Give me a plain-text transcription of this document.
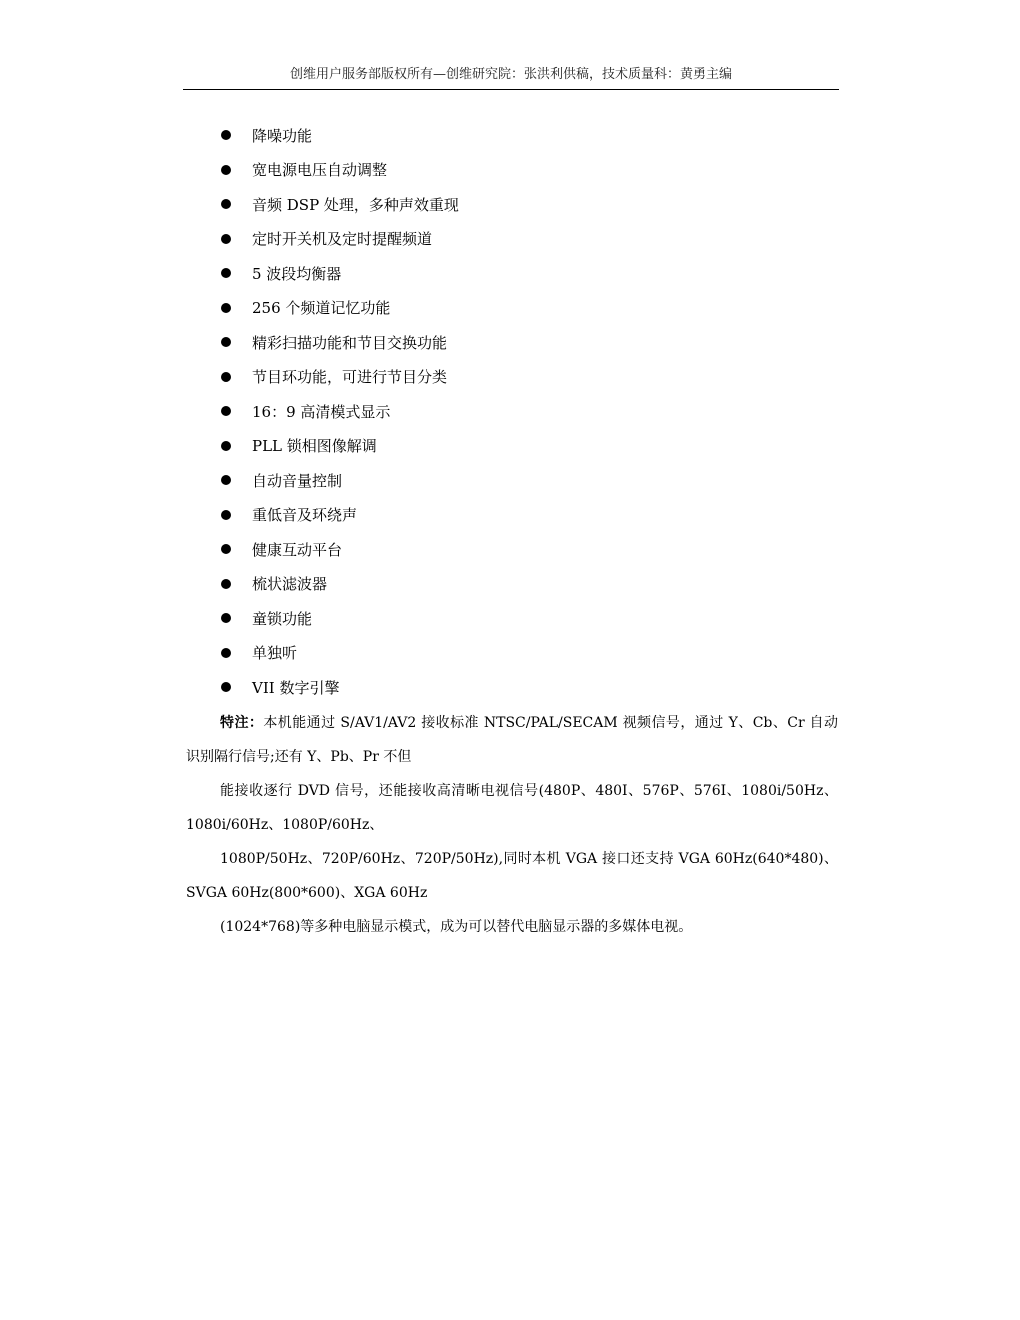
创维用户服务部版权所有—创维研究院：张洪利供稿，技术质量科：黄勇主编
降噪功能
宽电源电压自动调整
音频 DSP 处理，多种声效重现
定时开关机及定时提醒频道
5 波段均衡器
256 个频道记忆功能
精彩扫描功能和节目交换功能
节目环功能，可进行节目分类
16：9 高清模式显示
PLL 锁相图像解调
自动音量控制
重低音及环绕声
健康互动平台
梳状滤波器
童锁功能
单独听
VII 数字引擎

特注：本机能通过 S/AV1/AV2 接收标准 NTSC/PAL/SECAM 视频信号，通过 Y、Cb、Cr 自动识别隔行信号;还有 Y、Pb、Pr 不但

能接收逐行 DVD 信号，还能接收高清晰电视信号(480P、480I、576P、576I、1080i/50Hz、1080i/60Hz、1080P/60Hz、

1080P/50Hz、720P/60Hz、720P/50Hz),同时本机 VGA 接口还支持 VGA 60Hz(640*480)、SVGA 60Hz(800*600)、XGA 60Hz

(1024*768)等多种电脑显示模式，成为可以替代电脑显示器的多媒体电视。
